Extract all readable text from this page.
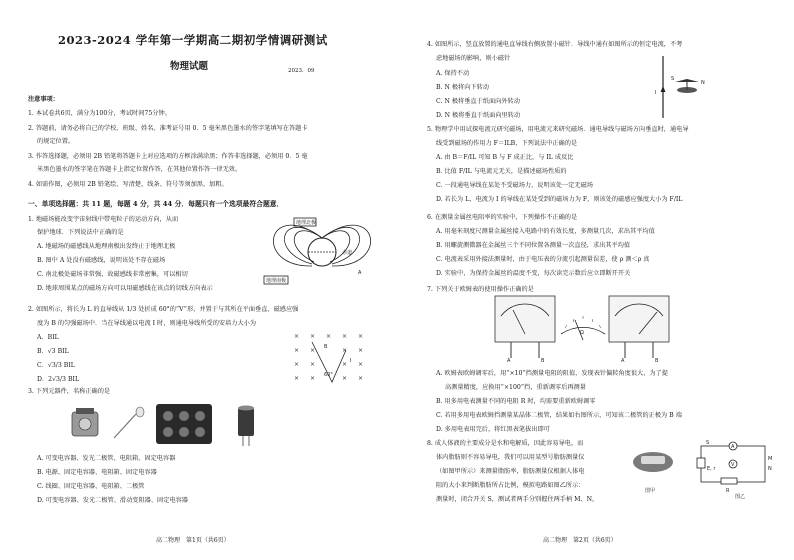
2023-2024 学年第一学期高二期初学情调研测试
物理试题	2023．09
注意事项：
1. 本试卷共6页，满分为100分，考试时间75分钟。
2. 答题前，请务必将自己的学校、班级、姓名、准考证号用 0．5 毫米黑色墨水的签字笔填写在答题卡
的规定位置。
3. 作答选择题，必须用 2B 铅笔将答题卡上对应选项的方框涂满涂黑；作答非选择题，必须用 0．5 毫
米黑色墨水的签字笔在答题卡上指定位置作答，在其他位置作答一律无效。
4. 如需作图，必须用 2B 铅笔绘、写清楚，线条、符号等须加黑、加粗。
一、单项选择题：共 11 题，每题 4 分，共 44 分．每题只有一个选项最符合题意．
1. 地磁场能改变宇宙射线中带电粒子的运动方向，从而
保护地球．下列说法中正确的是
A. 地磁场的磁感线从地理南极出发终止于地理北极
B. 图中 A 处没有磁感线，说明该处不存在磁场
C. 南北极处磁场非常强，故磁感线非常密集，可以相切
D. 地球周围某点的磁场方向可以用磁感线在该点的切线方向表示
地理北极
地理南极
赤道
A
2. 如图所示，将长为 L 的直导线从 1/3 处折成 60°的“V”形，并置于与其所在平面垂直、磁感应强
度为 B 的匀强磁场中．当在导线通以电流 I 时，则通电导线所受的安培力大小为
A．BIL
B．√3 BIL
C．√3/3 BIL
D．2√3/3 BIL
× × × × ×
× ×	× ×
× ×	× ×
× ×	× ×
B
60°
I
3. 下列元器件，名称正确的是
A. 可变电容器、发光二极管、电阻箱、固定电容器
B. 电源、固定电容器、电阻箱、固定电容器
C. 线圈、固定电容器、电阻箱、二极管
D. 可变电容器、发光二极管、滑动变阻器、固定电容器
高二物理　第1页（共6页）
4. 如图所示，竖直放置的通电直导线右侧放置小磁针．导线中通有如图所示的恒定电流，不考
虑地磁场的影响，则小磁针
A. 保持不动
B. N 极将向下转动
C. N 极将垂直于纸面向外转动
D. N 极将垂直于纸面向里转动
I
S
N
5. 物理学中用试探电流元研究磁场，用电流元来研究磁场．通电导线与磁场方向垂直时，通电导
线受到磁场的作用力 F＝ILB，下列说法中正确的是
A. 由 B＝F/IL 可知 B 与 F 成正比，与 IL 成反比
B. 比值 F/IL 与电流元无关，是描述磁场性质的
C. 一段通电导线在某处不受磁场力，说明该处一定无磁场
D. 若长为 L、电流为 I 的导线在某处受到的磁场力为 F，则该处的磁感应强度大小为 F/IL
6. 在测量金属丝电阻率的实验中，下列操作不正确的是
A. 用毫米刻度尺测量金属丝接入电路中的有效长度，多测量几次，求出其平均值
B. 用螺旋测微器在金属丝三个不同位置各测量一次直径，求出其平均值
C. 电流表采用外接法测量时，由于电压表的分流引起测量误差，使 ρ 测＜ρ 真
D. 实验中，为保持金属丝的温度不变，每次读完示数后应立即断开开关
7. 下列关于欧姆表的使用操作正确的是
A	B	A	B
Ω
A. 欧姆表欧姆调零后，用“×10”挡测量电阻的阻值，发现表针偏转角度很大，为了提
高测量精度，应换用“×100”挡，重新调零后再测量
B. 用多用电表测量不同的电阻 R 时，均需要重新欧姆调零
C. 若用多用电表欧姆挡测量某晶体二极管，结果如右图所示，可知该二极管的正极为 B 端
D. 多用电表用完后，将红黑表笔拔出即可
8. 成人体液的主要成分是水和电解质，因此容易导电，而
体内脂肪则不容易导电，我们可以用某型号脂肪测量仪
（如图甲所示）来测量脂肪率，脂肪测量仪根据人体电
阻的大小来判断脂肪所占比例，模拟电路如图乙所示：
测量时，闭合开关 S，测试者两手分别握住两手柄 M、N，
图甲
S
A
V
M
N
E, r
R
图乙
高二物理　第2页（共6页）
